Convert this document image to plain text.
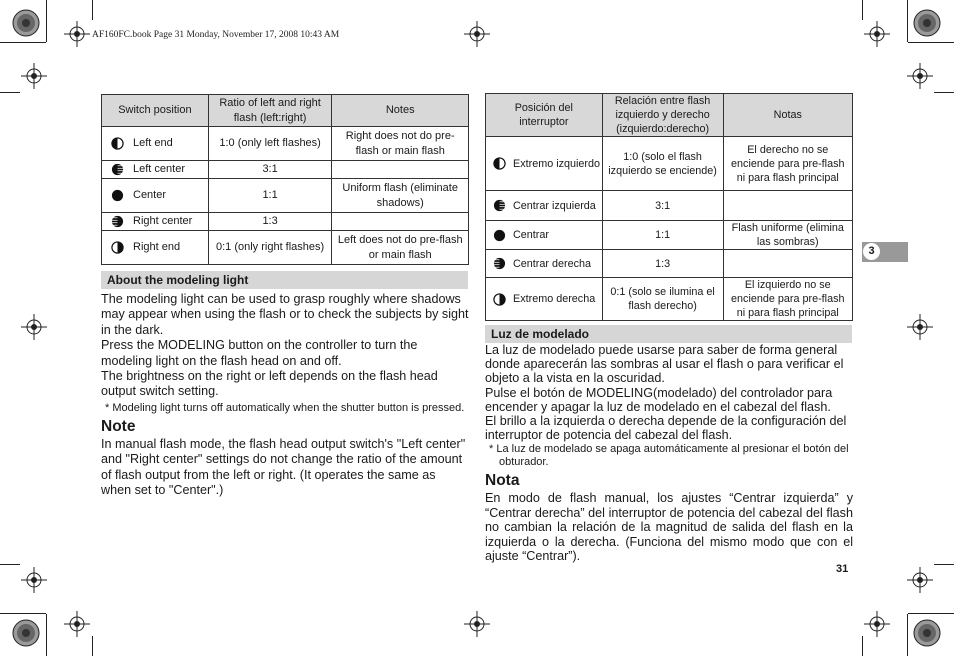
AF160FC.book Page 31 Monday, November 17, 2008 10:43 AM
Switch position	Ratio of left and right flash (left:right)	Notes

Left end	1:0 (only left flashes)	Right does not do pre-flash or main flash

Left center	3:1	

Center	1:1	Uniform flash (eliminate shadows)

Right center	1:3	

Right end	0:1 (only right flashes)	Left does not do pre-flash or main flash
About the modeling light

The modeling light can be used to grasp roughly where shadows may appear when using the flash or to check the subjects by sight in the dark.

Press the MODELING button on the controller to turn the modeling light on the flash head on and off.

The brightness on the right or left depends on the flash head output switch setting.

* Modeling light turns off automatically when the shutter button is pressed.

Note

In manual flash mode, the flash head output switch's "Left center" and "Right center" settings do not change the ratio of the amount of flash output from the left or right. (It operates the same as when set to "Center".)

Posición del interruptor	Relación entre flash izquierdo y derecho (izquierdo:derecho)	Notas

Extremo izquierdo	1:0 (solo el flash izquierdo se enciende)	El derecho no se enciende para pre-flash ni para flash principal

Centrar izquierda	3:1	

Centrar	1:1	Flash uniforme (elimina las sombras)

Centrar derecha	1:3	

Extremo derecha	0:1 (solo se ilumina el flash derecho)	El izquierdo no se enciende para pre-flash ni para flash principal
Luz de modelado

La luz de modelado puede usarse para saber de forma general donde aparecerán las sombras al usar el flash o para verificar el objeto a la vista en la oscuridad.

Pulse el botón de MODELING(modelado) del controlador para encender y apagar la luz de modelado en el cabezal del flash.

El brillo a la izquierda o derecha depende de la configuración del interruptor de potencia del cabezal del flash.

* La luz de modelado se apaga automáticamente al presionar el botón del obturador.

Nota

En modo de flash manual, los ajustes “Centrar izquierda” y “Centrar derecha” del interruptor de potencia del cabezal del flash no cambian la relación de la magnitud de salida del flash en la izquierda o la derecha. (Funciona del mismo modo que con el ajuste “Centrar”).

3
31
